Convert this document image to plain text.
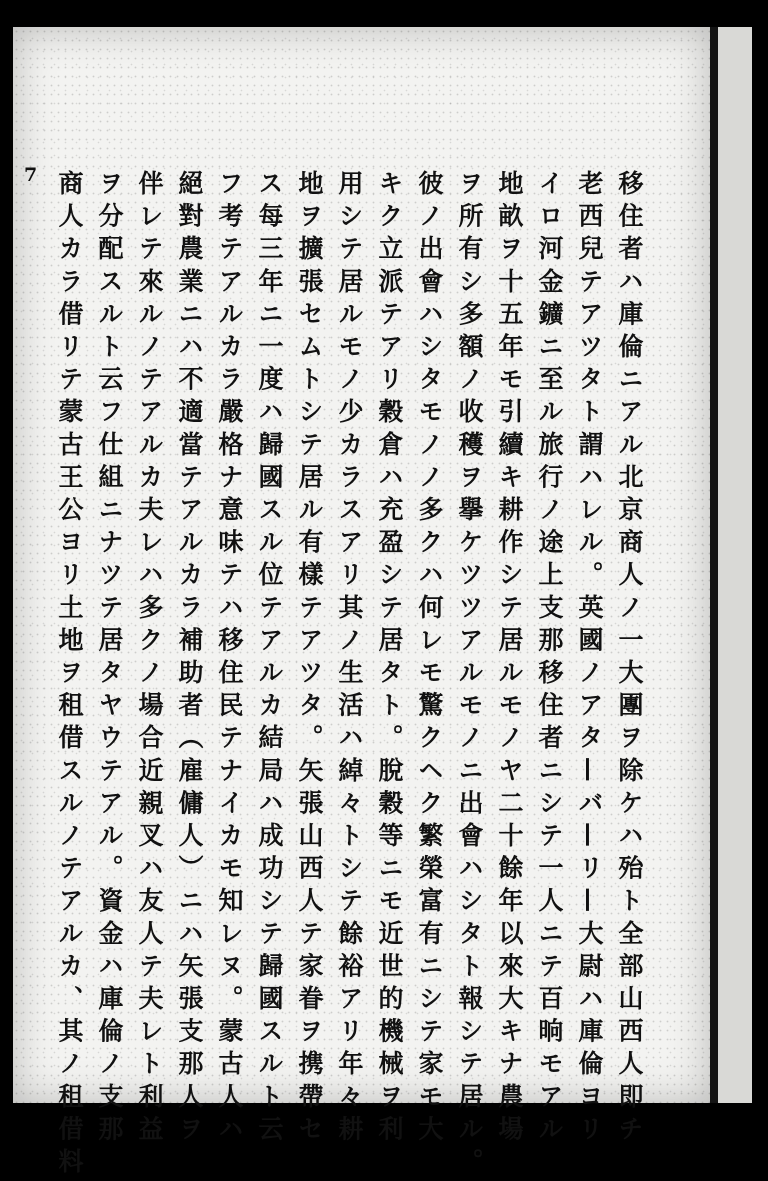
7	移住者ハ庫倫ニアル北京商人ノ一大團ヲ除ケハ殆ト全部山西人即チ
老西兒テアツタト謂ハレル。英國ノアタ—バ—リ—大尉ハ庫倫ヨリ
イロ河金鑛ニ至ル旅行ノ途上支那移住者ニシテ一人ニテ百晌モアル
地畝ヲ十五年モ引續キ耕作シテ居ルモノヤ二十餘年以來大キナ農場
ヲ所有シ多額ノ收穫ヲ擧ケツツアルモノニ出會ハシタト報シテ居ル。
彼ノ出會ハシタモノノ多クハ何レモ驚クヘク繁榮富有ニシテ家モ大
キク立派テアリ穀倉ハ充盈シテ居タト。脫穀等ニモ近世的機械ヲ利
用シテ居ルモノ少カラスアリ其ノ生活ハ綽々トシテ餘裕アリ年々耕
地ヲ擴張セムトシテ居ル有樣テアツタ。矢張山西人テ家眷ヲ携帶セ
ス每三年ニ一度ハ歸國スル位テアルカ結局ハ成功シテ歸國スルト云
フ考テアルカラ嚴格ナ意味テハ移住民テナイカモ知レヌ。蒙古人ハ
絕對農業ニハ不適當テアルカラ補助者（雇傭人）ニハ矢張支那人ヲ
伴レテ來ルノテアルカ夫レハ多クノ場合近親叉ハ友人テ夫レト利益
ヲ分配スルト云フ仕組ニナツテ居タヤウテアル。資金ハ庫倫ノ支那
商人カラ借リテ蒙古王公ヨリ土地ヲ租借スルノテアルカ、其ノ租借料
